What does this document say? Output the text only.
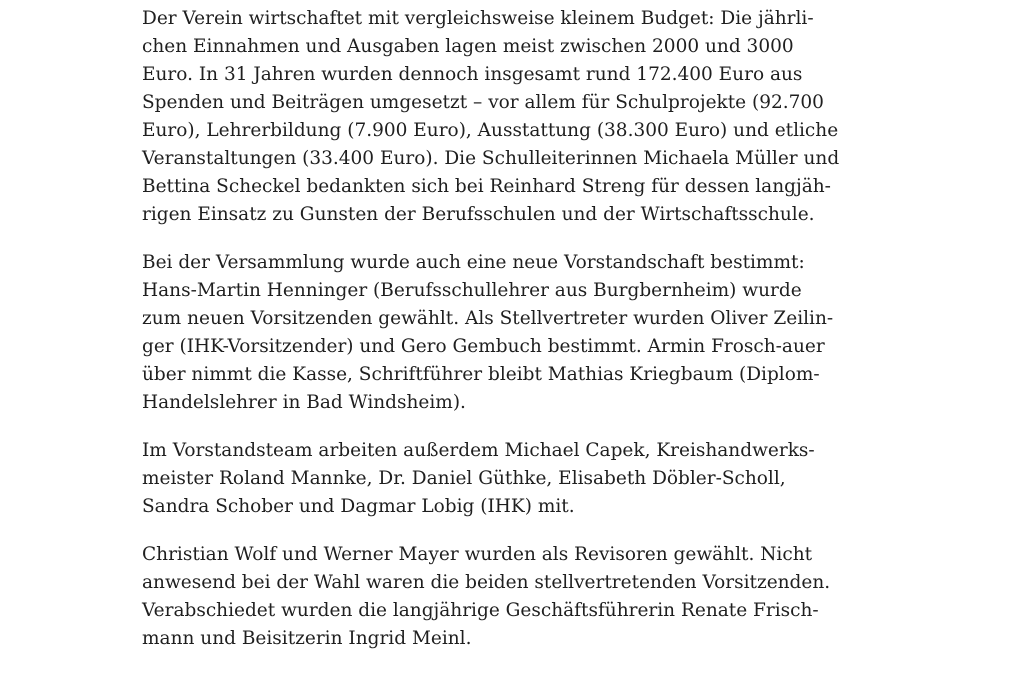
Der Verein wirtschaftet mit vergleichsweise kleinem Budget: Die jährli-
chen Einnahmen und Ausgaben lagen meist zwischen 2000 und 3000
Euro. In 31 Jahren wurden dennoch insgesamt rund 172.400 Euro aus
Spenden und Beiträgen umgesetzt – vor allem für Schulprojekte (92.700
Euro), Lehrerbildung (7.900 Euro), Ausstattung (38.300 Euro) und etliche
Veranstaltungen (33.400 Euro). Die Schulleiterinnen Michaela Müller und
Bettina Scheckel bedankten sich bei Reinhard Streng für dessen langjäh-
rigen Einsatz zu Gunsten der Berufsschulen und der Wirtschaftsschule.

Bei der Versammlung wurde auch eine neue Vorstandschaft bestimmt:
Hans-Martin Henninger (Berufsschullehrer aus Burgbernheim) wurde
zum neuen Vorsitzenden gewählt. Als Stellvertreter wurden Oliver Zeilin-
ger (IHK-Vorsitzender) und Gero Gembuch bestimmt. Armin Frosch-auer
über nimmt die Kasse, Schriftführer bleibt Mathias Kriegbaum (Diplom-
Handelslehrer in Bad Windsheim).

Im Vorstandsteam arbeiten außerdem Michael Capek, Kreishandwerks-
meister Roland Mannke, Dr. Daniel Güthke, Elisabeth Döbler-Scholl,
Sandra Schober und Dagmar Lobig (IHK) mit.

Christian Wolf und Werner Mayer wurden als Revisoren gewählt. Nicht
anwesend bei der Wahl waren die beiden stellvertretenden Vorsitzenden.
Verabschiedet wurden die langjährige Geschäftsführerin Renate Frisch-
mann und Beisitzerin Ingrid Meinl.
